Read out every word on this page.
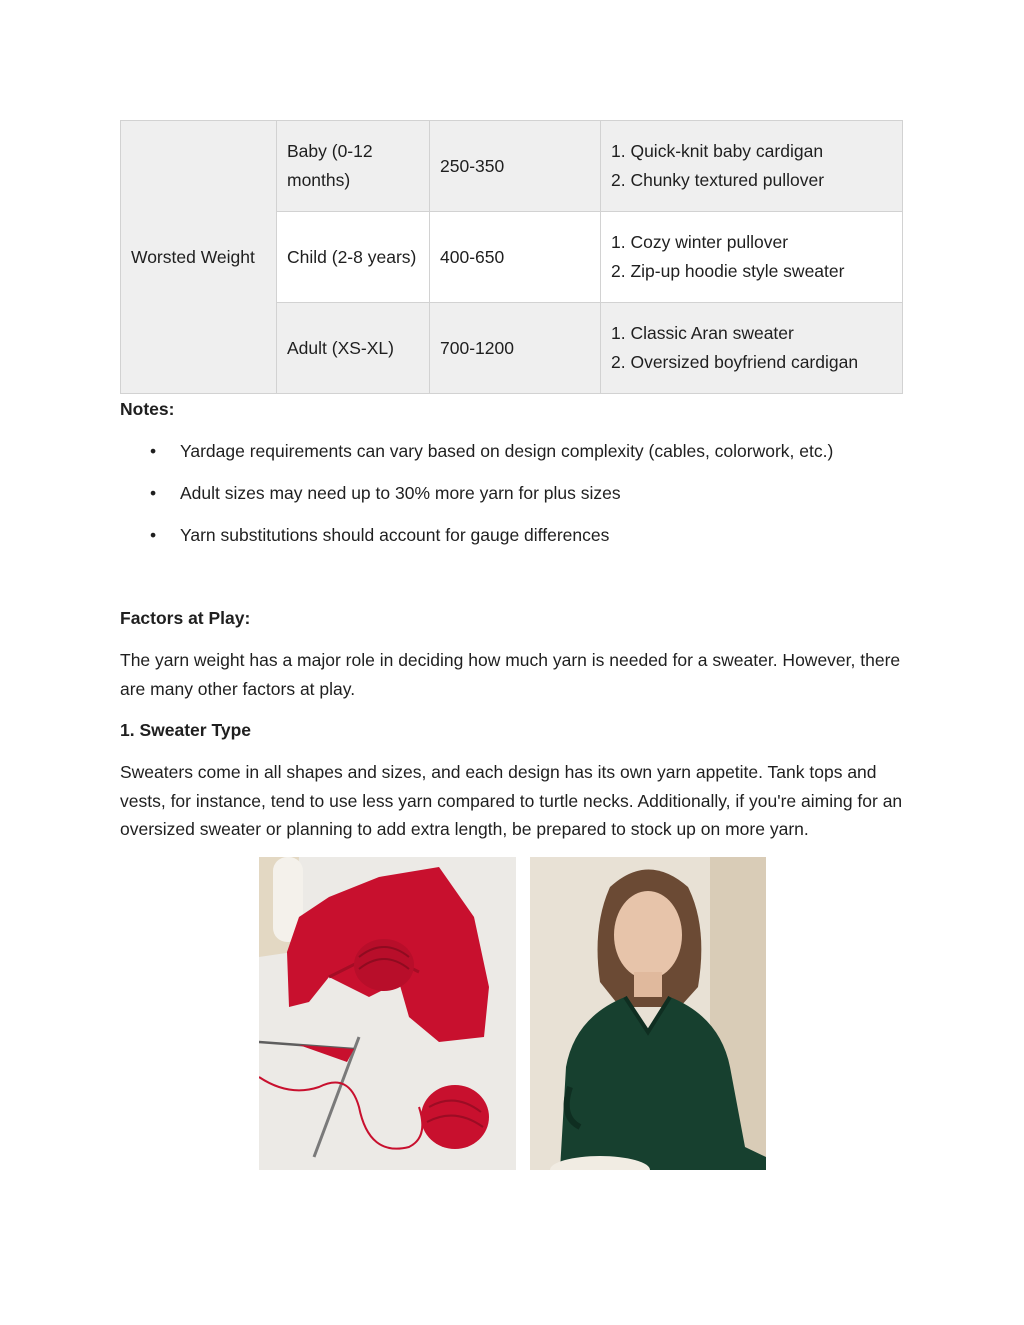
Worsted Weight	Baby (0-12 months)	250-350	1. Quick-knit baby cardigan
2. Chunky textured pullover

	Child (2-8 years)	400-650	1. Cozy winter pullover
2. Zip-up hoodie style sweater

	Adult (XS-XL)	700-1200	1. Classic Aran sweater
2. Oversized boyfriend cardigan

Notes:

• Yardage requirements can vary based on design complexity (cables, colorwork, etc.)
• Adult sizes may need up to 30% more yarn for plus sizes
• Yarn substitutions should account for gauge differences

Factors at Play:

The yarn weight has a major role in deciding how much yarn is needed for a sweater. However, there are many other factors at play.

1. Sweater Type

Sweaters come in all shapes and sizes, and each design has its own yarn appetite. Tank tops and vests, for instance, tend to use less yarn compared to turtle necks. Additionally, if you're aiming for an oversized sweater or planning to add extra length, be prepared to stock up on more yarn.
